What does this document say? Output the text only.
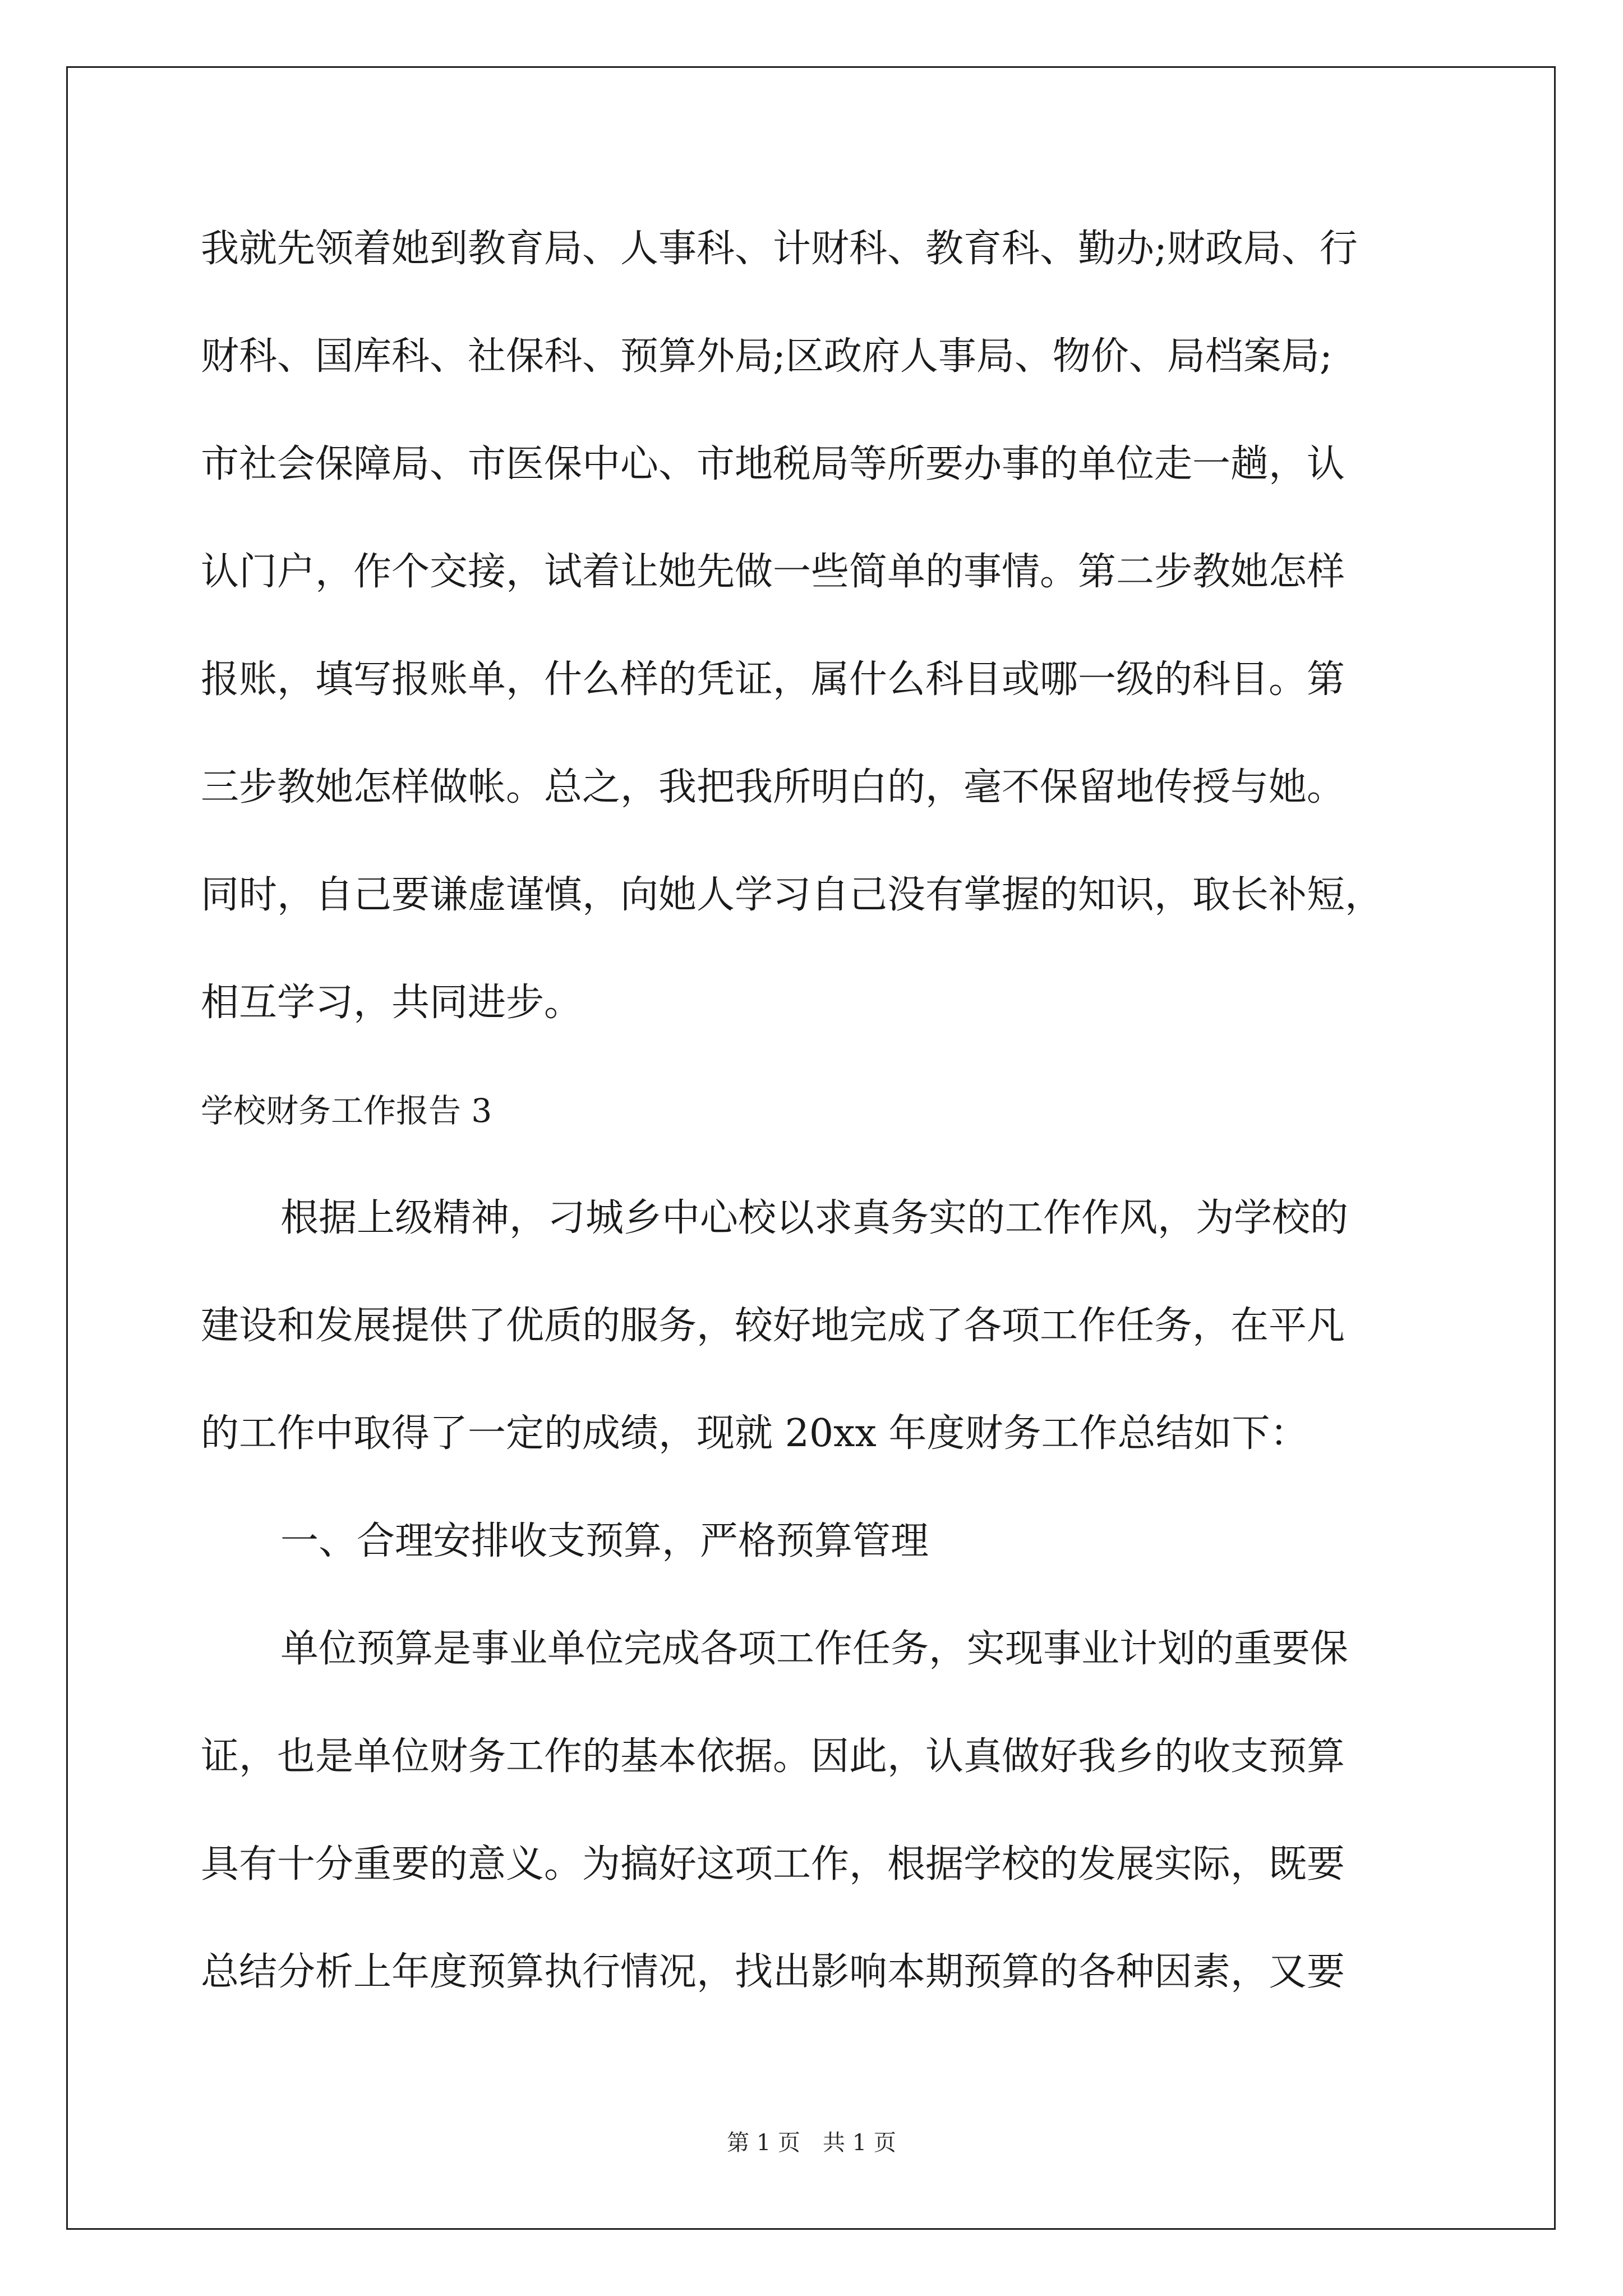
我就先领着她到教育局、人事科、计财科、教育科、勤办;财政局、行
财科、国库科、社保科、预算外局;区政府人事局、物价、局档案局;
市社会保障局、市医保中心、市地税局等所要办事的单位走一趟，认
认门户，作个交接，试着让她先做一些简单的事情。第二步教她怎样
报账，填写报账单，什么样的凭证，属什么科目或哪一级的科目。第
三步教她怎样做帐。总之，我把我所明白的，毫不保留地传授与她。
同时，自己要谦虚谨慎，向她人学习自己没有掌握的知识，取长补短，
相互学习，共同进步。
学校财务工作报告 3
根据上级精神，刁城乡中心校以求真务实的工作作风，为学校的
建设和发展提供了优质的服务，较好地完成了各项工作任务，在平凡
的工作中取得了一定的成绩，现就 20xx 年度财务工作总结如下：
一、合理安排收支预算，严格预算管理
单位预算是事业单位完成各项工作任务，实现事业计划的重要保
证，也是单位财务工作的基本依据。因此，认真做好我乡的收支预算
具有十分重要的意义。为搞好这项工作，根据学校的发展实际，既要
总结分析上年度预算执行情况，找出影响本期预算的各种因素，又要
第 1 页 共 1 页
